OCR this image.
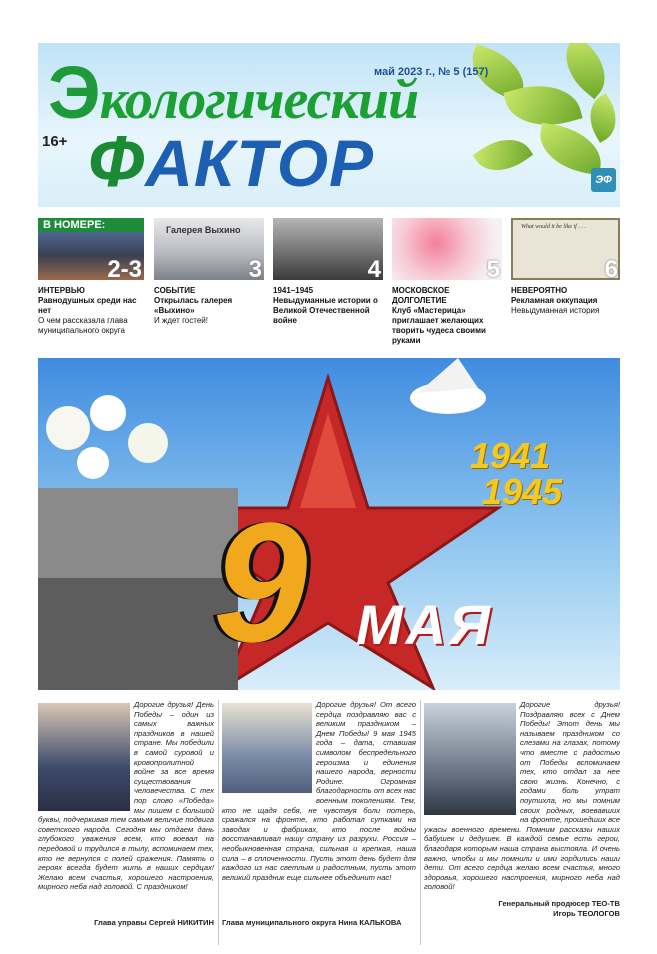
Экологический
ФАКТОР
16+
май 2023 г., № 5 (157)
ЭФ
В НОМЕРЕ:
2-3
Галерея Выхино
3	4	5
What would it be like if . . .
6
ИНТЕРВЬЮ
Равнодушных среди нас нет
О чем рассказала глава муниципального округа
СОБЫТИЕ
Открылась галерея «Выхино»
И ждет гостей!
1941–1945
Невыдуманные истории о Великой Отечественной войне
МОСКОВСКОЕ ДОЛГОЛЕТИЕ
Клуб «Мастерица» приглашает желающих творить чудеса своими руками
НЕВЕРОЯТНО
Рекламная оккупация
Невыдуманная история
9
1941
1945
МАЯ
Дорогие друзья! День Победы – один из самых важных праздников в нашей стране. Мы победили в самой суровой и кровопролитной войне за все время существования человечества. С тех пор слово «Победа» мы пишем с большой буквы, подчеркивая тем самым величие подвига советского народа. Сегодня мы отдаем дань глубокого уважения всем, кто воевал на передовой и трудился в тылу, вспоминаем тех, кто не вернулся с полей сражения. Память о героях всегда будет жить в наших сердцах! Желаю всем счастья, хорошего настроения, мирного неба над головой. С праздником!
Глава управы Сергей НИКИТИН
Дорогие друзья! От всего сердца поздравляю вас с великим праздником – Днем Победы! 9 мая 1945 года – дата, ставшая символом беспредельного героизма и единения нашего народа, верности Родине. Огромная благодарность от всех нас военным поколениям. Тем, кто не щадя себя, не чувствуя боли потерь, сражался на фронте, кто работал сутками на заводах и фабриках, кто после войны восстанавливал нашу страну из разрухи. Россия – необыкновенная страна, сильная и крепкая, наша сила – в сплоченности. Пусть этот день будет для каждого из нас светлым и радостным, пусть этот великий праздник еще сильнее объединит нас!
Глава муниципального округа Нина КАЛЬКОВА
Дорогие друзья! Поздравляю всех с Днем Победы! Этот день мы называем праздником со слезами на глазах, потому что вместе с радостью от Победы вспоминаем тех, кто отдал за нее свою жизнь. Конечно, с годами боль утрат поутихла, но мы помним своих родных, воевавших на фронте, прошедших все ужасы военного времени. Помним рассказы наших бабушек и дедушек. В каждой семье есть герои, благодаря которым наша страна выстояла. И очень важно, чтобы и мы помнили и ими гордились наши дети. От всего сердца желаю всем счастья, много здоровья, хорошего настроения, мирного неба над головой!
Генеральный продюсер ТЕО-ТВ
Игорь ТЕОЛОГОВ
